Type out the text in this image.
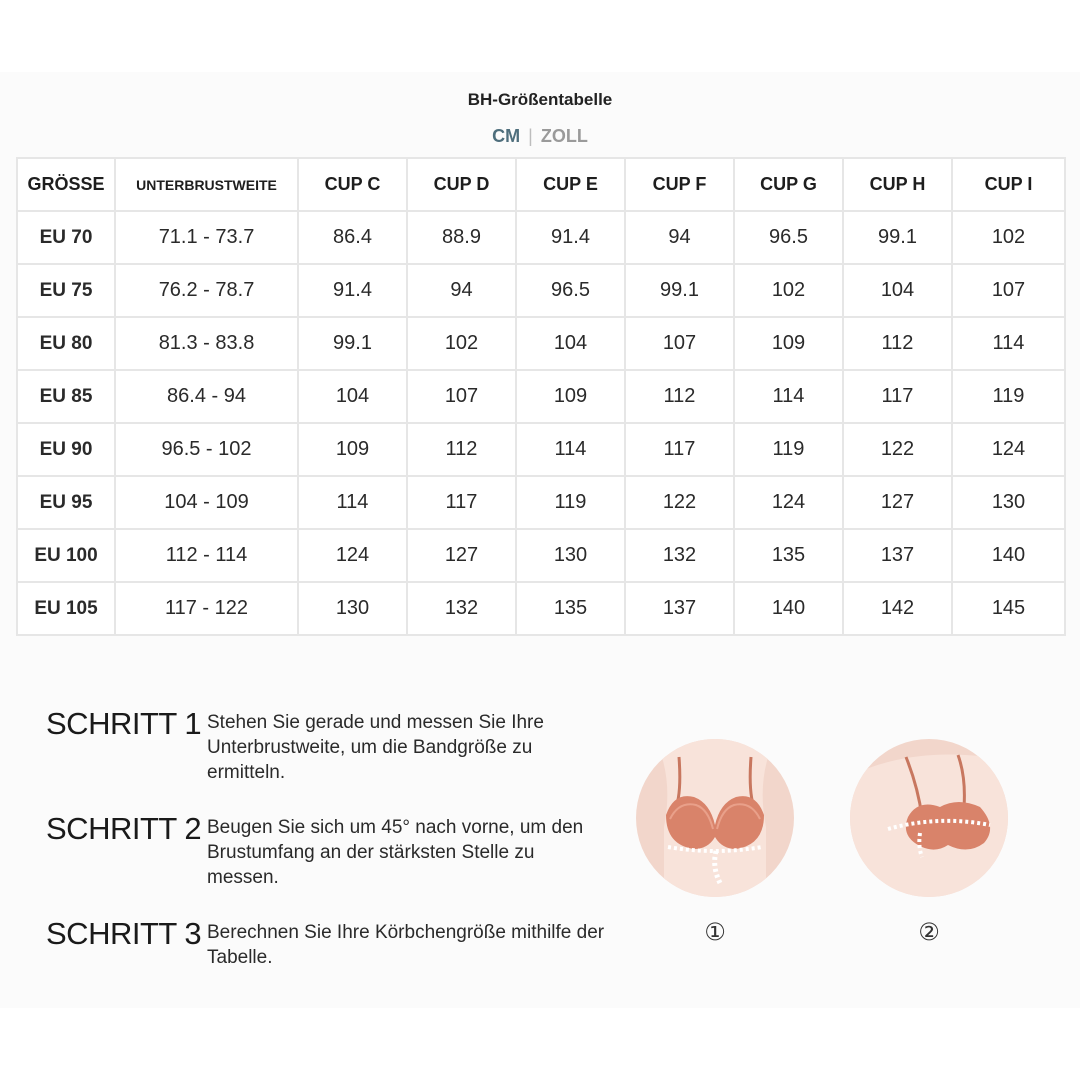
BH-Größentabelle
CM | ZOLL
GRÖSSE	UNTERBRUSTWEITE	CUP C	CUP D	CUP E	CUP F	CUP G	CUP H	CUP I
EU 70	71.1 - 73.7	86.4	88.9	91.4	94	96.5	99.1	102
EU 75	76.2 - 78.7	91.4	94	96.5	99.1	102	104	107
EU 80	81.3 - 83.8	99.1	102	104	107	109	112	114
EU 85	86.4 - 94	104	107	109	112	114	117	119
EU 90	96.5 - 102	109	112	114	117	119	122	124
EU 95	104 - 109	114	117	119	122	124	127	130
EU 100	112 - 114	124	127	130	132	135	137	140
EU 105	117 - 122	130	132	135	137	140	142	145
SCHRITT 1 Stehen Sie gerade und messen Sie Ihre Unterbrustweite, um die Bandgröße zu ermitteln.
SCHRITT 2 Beugen Sie sich um 45° nach vorne, um den Brustumfang an der stärksten Stelle zu messen.
SCHRITT 3 Berechnen Sie Ihre Körbchengröße mithilfe der Tabelle.
①	②
